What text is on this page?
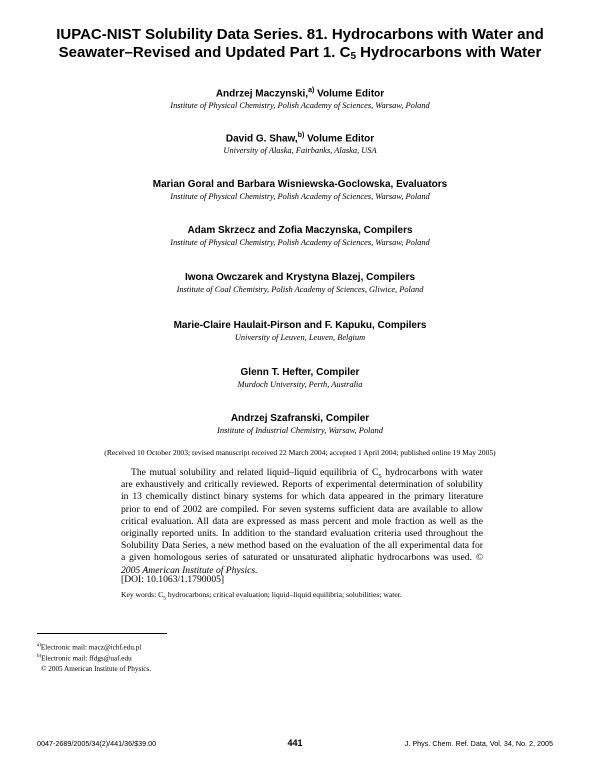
IUPAC-NIST Solubility Data Series. 81. Hydrocarbons with Water and
Seawater–Revised and Updated Part 1. $C_5$ Hydrocarbons with Water
Andrzej Maczynski,$^{a)}$ Volume Editor
Institute of Physical Chemistry, Polish Academy of Sciences, Warsaw, Poland
David G. Shaw,$^{b)}$ Volume Editor
University of Alaska, Fairbanks, Alaska, USA
Marian Goral and Barbara Wisniewska-Goclowska, Evaluators
Institute of Physical Chemistry, Polish Academy of Sciences, Warsaw, Poland
Adam Skrzecz and Zofia Maczynska, Compilers
Institute of Physical Chemistry, Polish Academy of Sciences, Warsaw, Poland
Iwona Owczarek and Krystyna Blazej, Compilers
Institute of Coal Chemistry, Polish Academy of Sciences, Gliwice, Poland
Marie-Claire Haulait-Pirson and F. Kapuku, Compilers
University of Leuven, Leuven, Belgium
Glenn T. Hefter, Compiler
Murdoch University, Perth, Australia
Andrzej Szafranski, Compiler
Institute of Industrial Chemistry, Warsaw, Poland
(Received 10 October 2003; revised manuscript received 22 March 2004; accepted 1 April 2004; published online 19 May 2005)

The mutual solubility and related liquid–liquid equilibria of $C_5$ hydrocarbons with water are exhaustively and critically reviewed. Reports of experimental determination of solubility in 13 chemically distinct binary systems for which data appeared in the primary literature prior to end of 2002 are compiled. For seven systems sufficient data are available to allow critical evaluation. All data are expressed as mass percent and mole fraction as well as the originally reported units. In addition to the standard evaluation criteria used throughout the Solubility Data Series, a new method based on the evaluation of the all experimental data for a given homologous series of saturated or unsaturated aliphatic hydrocarbons was used. © 2005 American Institute of Physics.

[DOI: 10.1063/1.1790005]
Key words: $C_5$ hydrocarbons; critical evaluation; liquid–liquid equilibria; solubilities; water.
$^{a)}$Electronic mail: macz@ichf.edu.pl
$^{b)}$Electronic mail: ffdgs@uaf.edu
© 2005 American Institute of Physics.
0047-2689/2005/34(2)/441/36/$39.00	441	J. Phys. Chem. Ref. Data, Vol. 34, No. 2, 2005
